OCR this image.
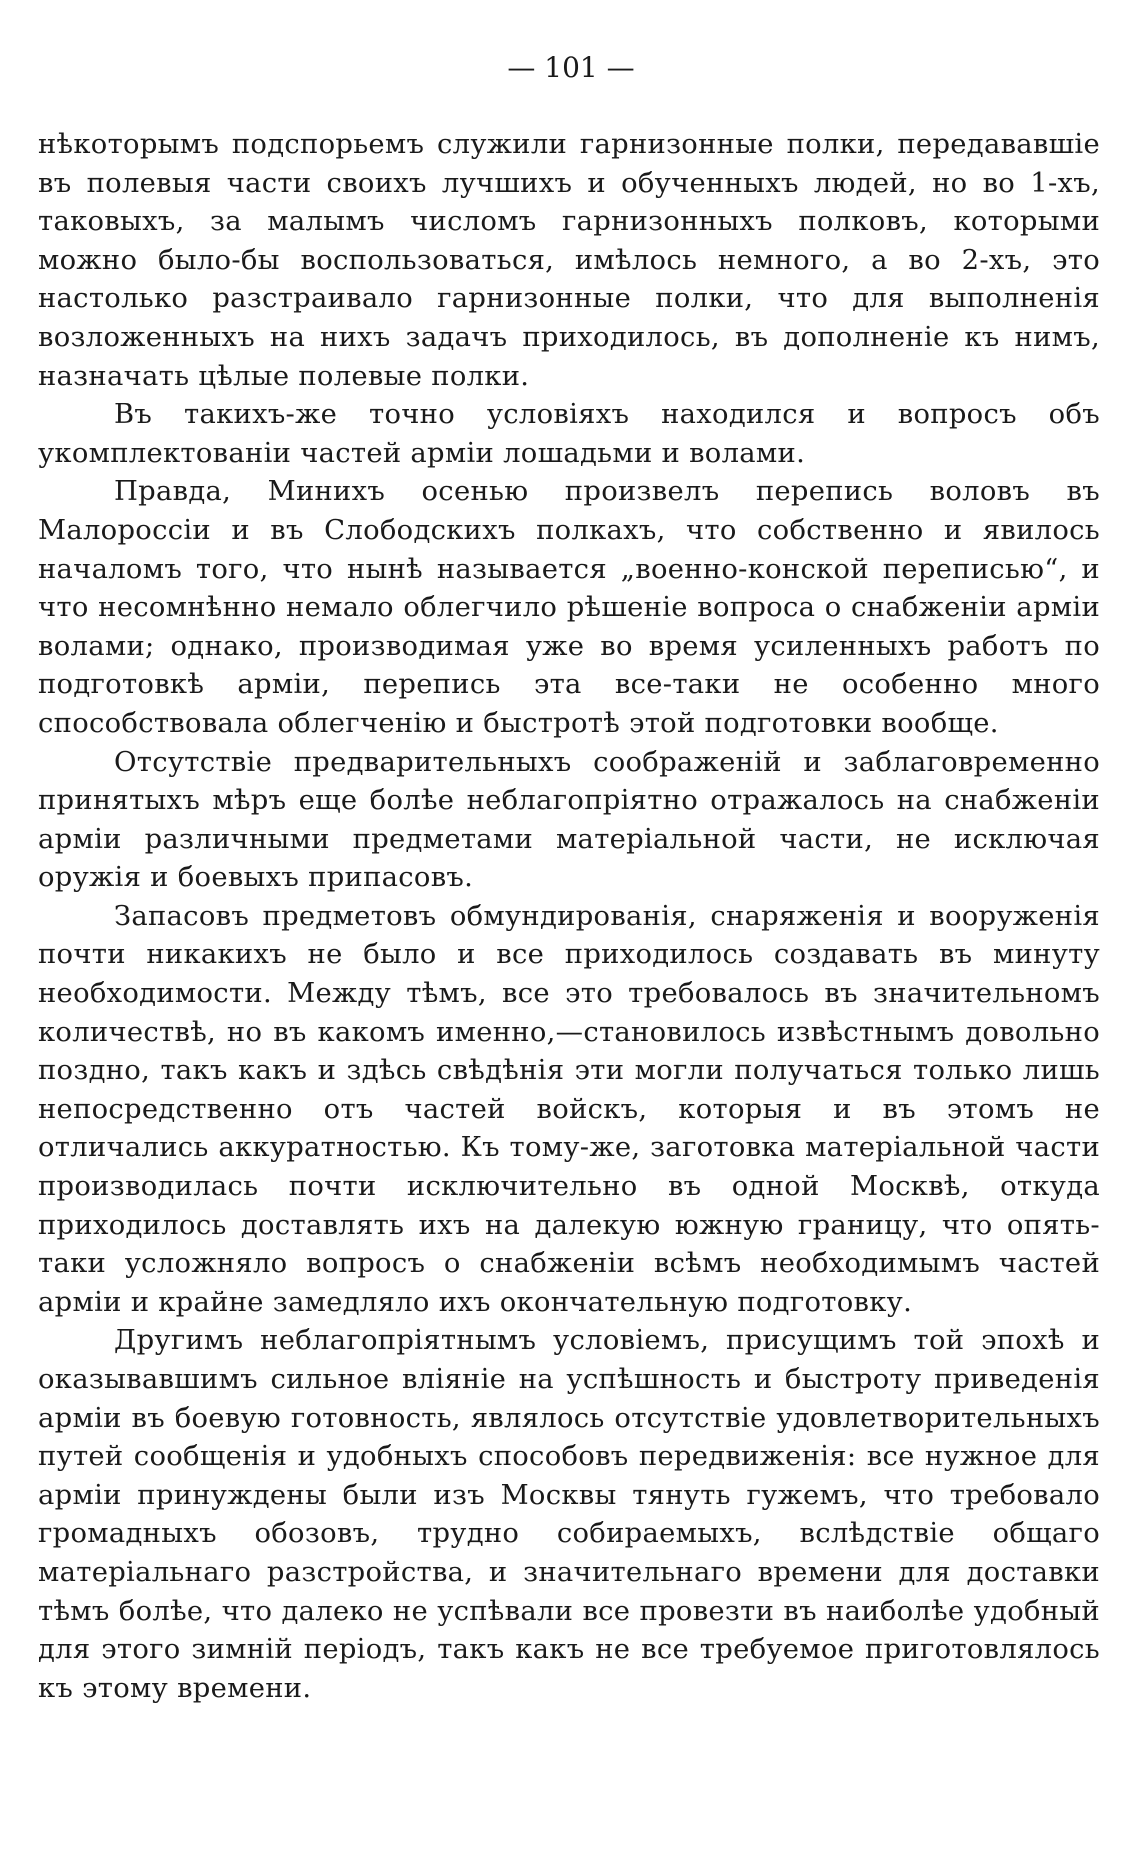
— 101 —

нѣкоторымъ подспорьемъ служили гарнизонные полки, передававшіе въ полевыя части своихъ лучшихъ и обученныхъ людей, но во 1-хъ, таковыхъ, за малымъ числомъ гарнизонныхъ полковъ, которыми можно было-бы воспользоваться, имѣлось немного, а во 2-хъ, это настолько разстраивало гарнизонные полки, что для выполненія возложенныхъ на нихъ задачъ приходилось, въ дополненіе къ нимъ, назначать цѣлые полевые полки.

Въ такихъ-же точно условіяхъ находился и вопросъ объ укомплектованіи частей арміи лошадьми и волами.

Правда, Минихъ осенью произвелъ перепись воловъ въ Малороссіи и въ Слободскихъ полкахъ, что собственно и явилось началомъ того, что нынѣ называется „военно-конской переписью“, и что несомнѣнно немало облегчило рѣшеніе вопроса о снабженіи арміи волами; однако, производимая уже во время усиленныхъ работъ по подготовкѣ арміи, перепись эта все-таки не особенно много способствовала облегченію и быстротѣ этой подготовки вообще.

Отсутствіе предварительныхъ соображеній и заблаговременно принятыхъ мѣръ еще болѣе неблагопріятно отражалось на снабженіи арміи различными предметами матеріальной части, не исключая оружія и боевыхъ припасовъ.

Запасовъ предметовъ обмундированія, снаряженія и вооруженія почти никакихъ не было и все приходилось создавать въ минуту необходимости. Между тѣмъ, все это требовалось въ значительномъ количествѣ, но въ какомъ именно,—становилось извѣстнымъ довольно поздно, такъ какъ и здѣсь свѣдѣнія эти могли получаться только лишь непосредственно отъ частей войскъ, которыя и въ этомъ не отличались аккуратностью. Къ тому-же, заготовка матеріальной части производилась почти исключительно въ одной Москвѣ, откуда приходилось доставлять ихъ на далекую южную границу, что опять-таки усложняло вопросъ о снабженіи всѣмъ необходимымъ частей арміи и крайне замедляло ихъ окончательную подготовку.

Другимъ неблагопріятнымъ условіемъ, присущимъ той эпохѣ и оказывавшимъ сильное вліяніе на успѣшность и быстроту приведенія арміи въ боевую готовность, являлось отсутствіе удовлетворительныхъ путей сообщенія и удобныхъ способовъ передвиженія: все нужное для арміи принуждены были изъ Москвы тянуть гужемъ, что требовало громадныхъ обозовъ, трудно собираемыхъ, вслѣдствіе общаго матеріальнаго разстройства, и значительнаго времени для доставки тѣмъ болѣе, что далеко не успѣвали все провезти въ наиболѣе удобный для этого зимній періодъ, такъ какъ не все требуемое приготовлялось къ этому времени.
